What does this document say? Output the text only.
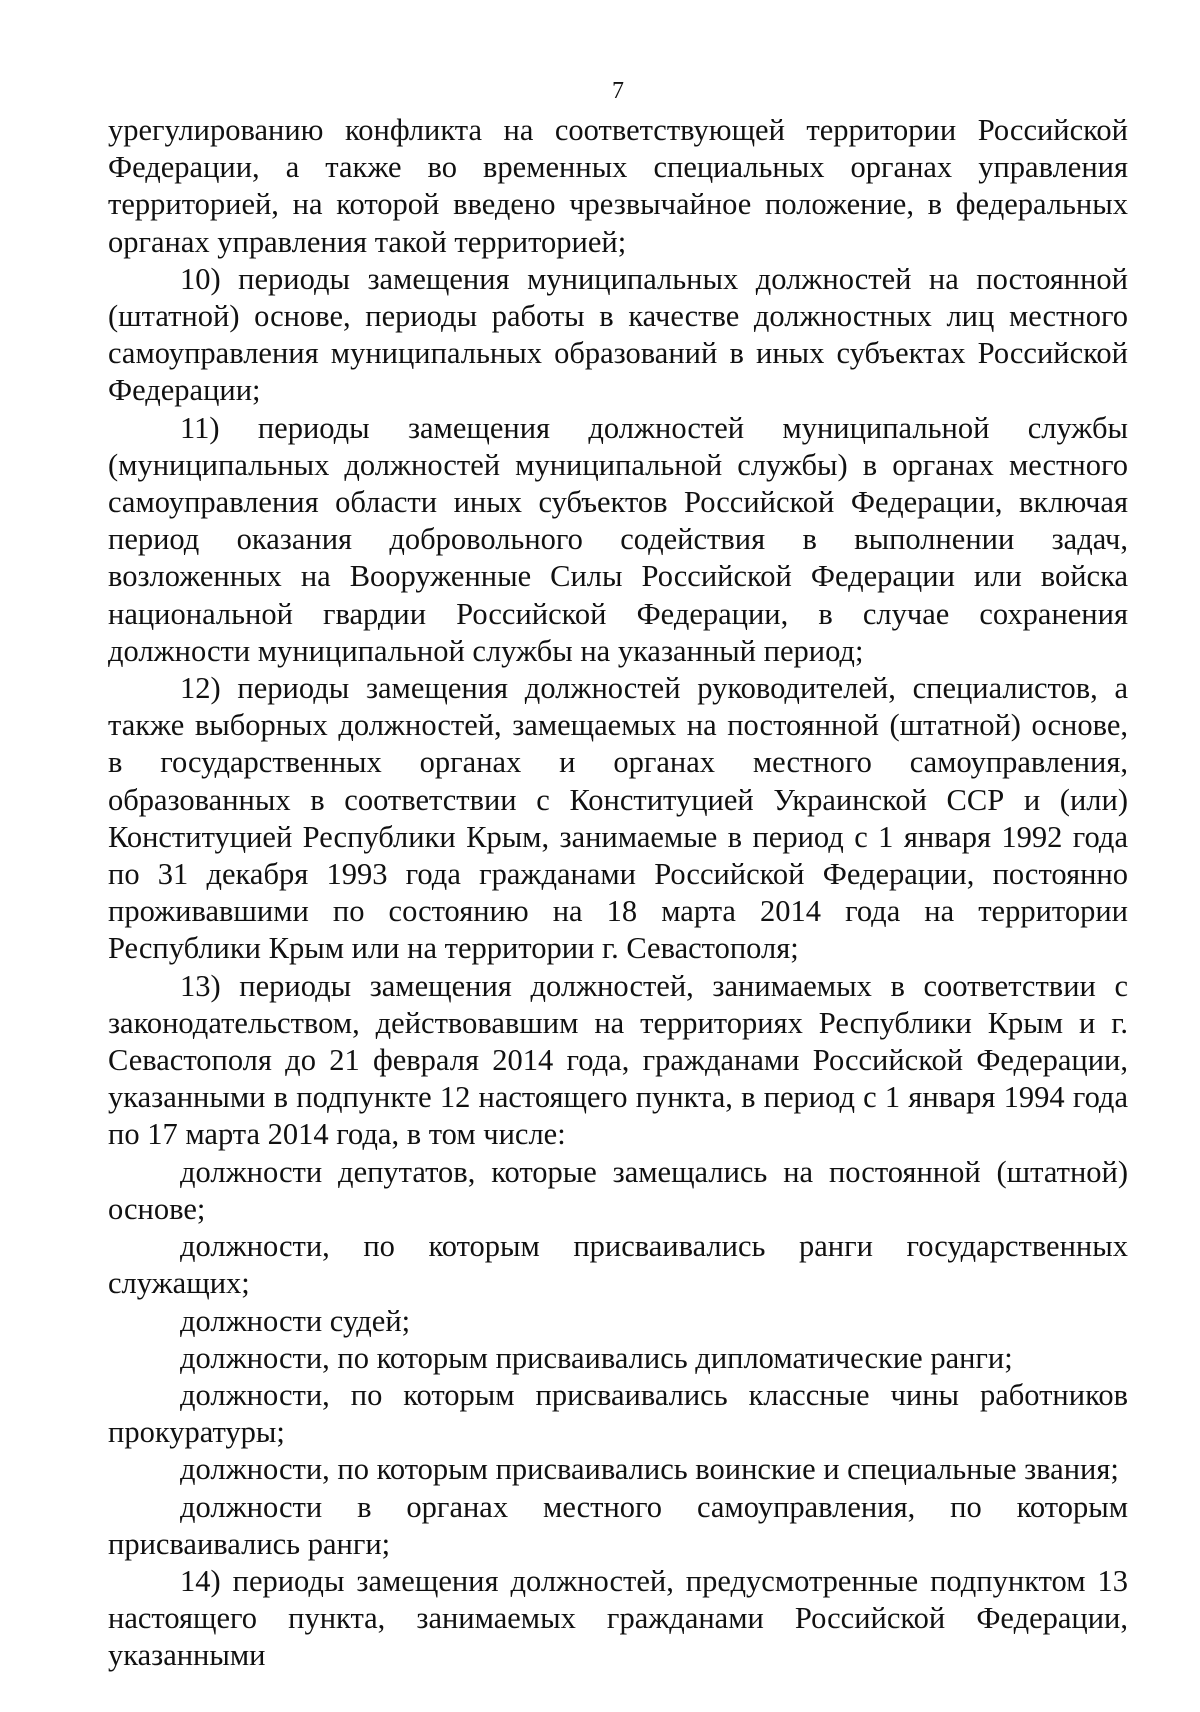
7

урегулированию конфликта на соответствующей территории Российской Федерации, а также во временных специальных органах управления территорией, на которой введено чрезвычайное положение, в федеральных органах управления такой территорией;

10) периоды замещения муниципальных должностей на постоянной (штатной) основе, периоды работы в качестве должностных лиц местного самоуправления муниципальных образований в иных субъектах Российской Федерации;

11) периоды замещения должностей муниципальной службы (муниципальных должностей муниципальной службы) в органах местного самоуправления области иных субъектов Российской Федерации, включая период оказания добровольного содействия в выполнении задач, возложенных на Вооруженные Силы Российской Федерации или войска национальной гвардии Российской Федерации, в случае сохранения должности муниципальной службы на указанный период;

12) периоды замещения должностей руководителей, специалистов, а также выборных должностей, замещаемых на постоянной (штатной) основе, в государственных органах и органах местного самоуправления, образованных в соответствии с Конституцией Украинской ССР и (или) Конституцией Республики Крым, занимаемые в период с 1 января 1992 года по 31 декабря 1993 года гражданами Российской Федерации, постоянно проживавшими по состоянию на 18 марта 2014 года на территории Республики Крым или на территории г. Севастополя;

13) периоды замещения должностей, занимаемых в соответствии с законодательством, действовавшим на территориях Республики Крым и г. Севастополя до 21 февраля 2014 года, гражданами Российской Федерации, указанными в подпункте 12 настоящего пункта, в период с 1 января 1994 года по 17 марта 2014 года, в том числе:

должности депутатов, которые замещались на постоянной (штатной) основе;

должности, по которым присваивались ранги государственных служащих;

должности судей;

должности, по которым присваивались дипломатические ранги;

должности, по которым присваивались классные чины работников прокуратуры;

должности, по которым присваивались воинские и специальные звания;

должности в органах местного самоуправления, по которым присваивались ранги;

14) периоды замещения должностей, предусмотренные подпунктом 13 настоящего пункта, занимаемых гражданами Российской Федерации, указанными
